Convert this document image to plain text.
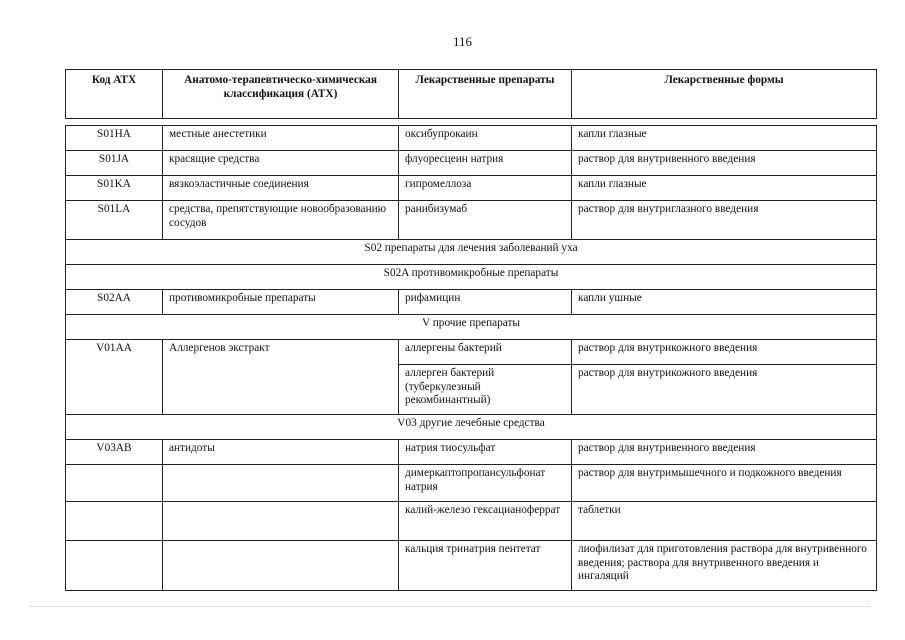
116
Код АТХ	Анатомо-терапевтическо-химическая классификация (АТХ)	Лекарственные препараты	Лекарственные формы

S01HA	местные анестетики	оксибупрокаин	капли глазные
S01JA	красящие средства	флуоресцеин натрия	раствор для внутривенного введения
S01KA	вязкоэластичные соединения	гипромеллоза	капли глазные
S01LA	средства, препятствующие новообразованию сосудов	ранибизумаб	раствор для внутриглазного введения
S02 препараты для лечения заболеваний уха			
S02A противомикробные препараты			
S02AA	противомикробные препараты	рифамицин	капли ушные
V прочие препараты			
V01AA	Аллергенов экстракт	аллергены бактерий	раствор для внутрикожного введения
		аллерген бактерий (туберкулезный рекомбинантный)	раствор для внутрикожного введения
V03 другие лечебные средства			
V03AB	антидоты	натрия тиосульфат	раствор для внутривенного введения
		димеркаптопропансульфонат натрия	раствор для внутримышечного и подкожного введения
		калий-железо гексацианоферрат	таблетки
		кальция тринатрия пентетат	лиофилизат для приготовления раствора для внутривенного введения; раствора для внутривенного введения и ингаляций
